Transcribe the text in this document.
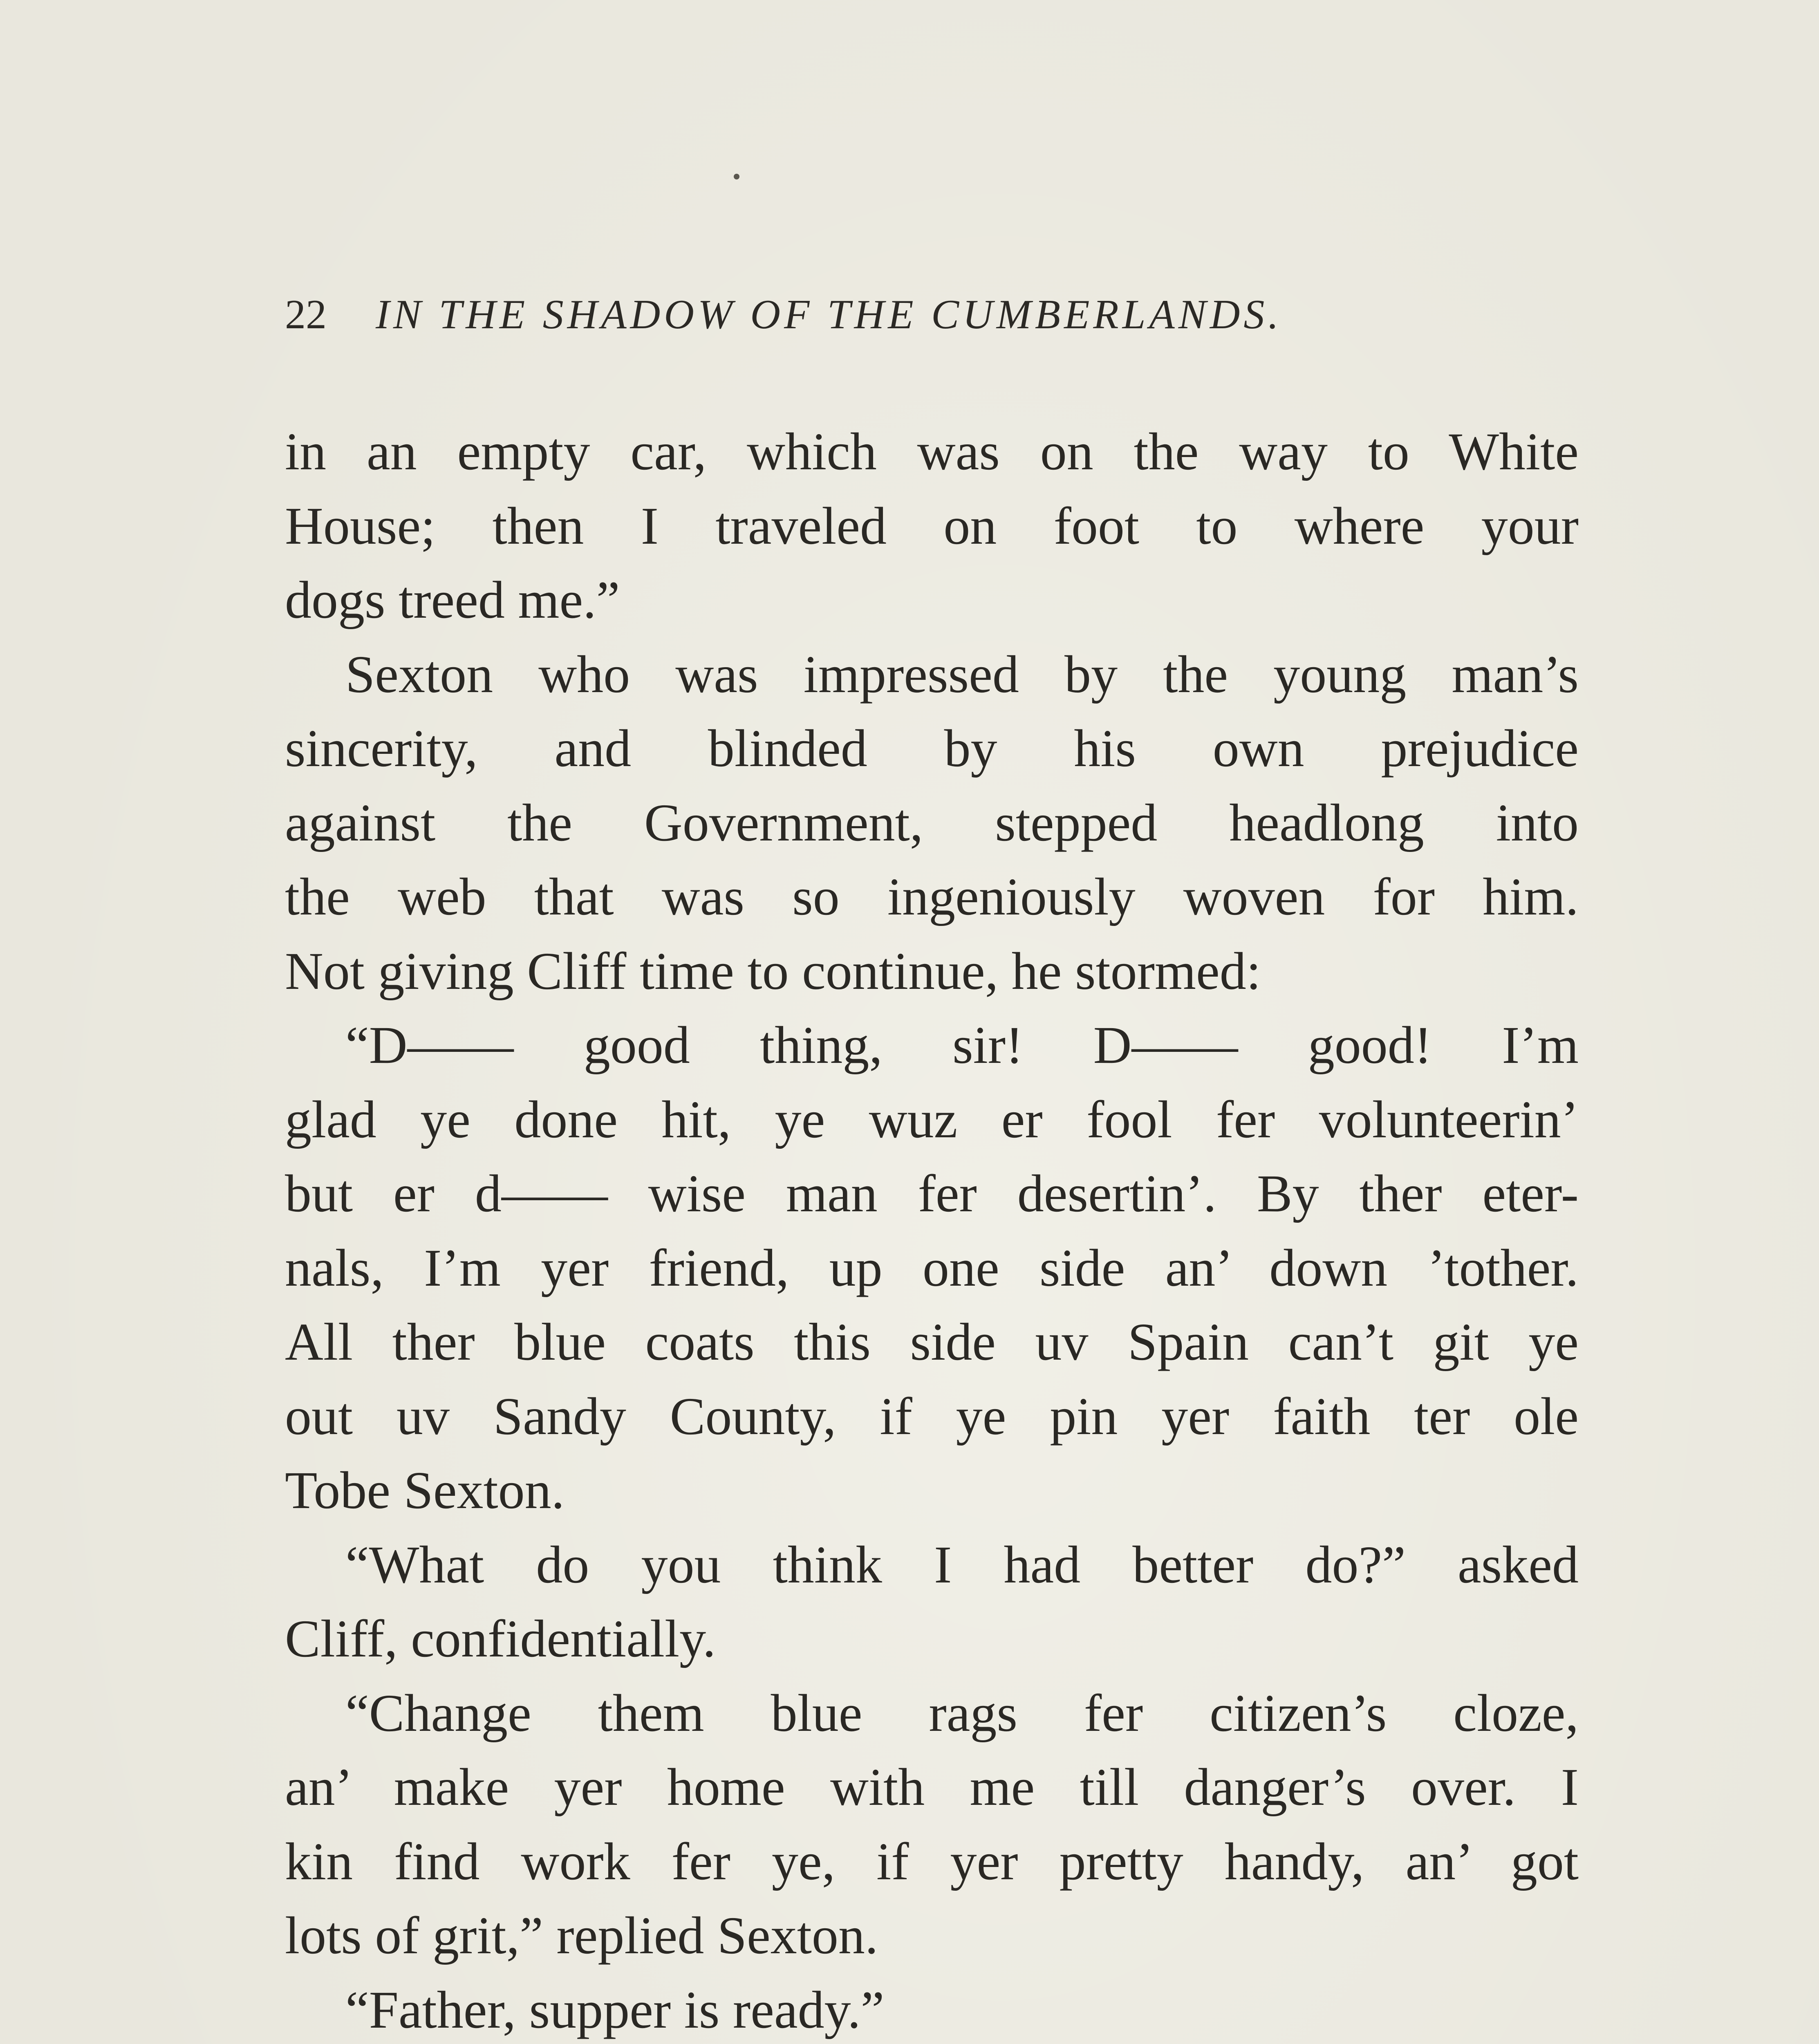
22 IN THE SHADOW OF THE CUMBERLANDS.
in an empty car, which was on the way to White
House; then I traveled on foot to where your
dogs treed me.”
Sexton who was impressed by the young man’s
sincerity, and blinded by his own prejudice
against the Government, stepped headlong into
the web that was so ingeniously woven for him.
Not giving Cliff time to continue, he stormed:
“D—— good thing, sir! D—— good! I’m
glad ye done hit, ye wuz er fool fer volunteerin’
but er d—— wise man fer desertin’. By ther eter-
nals, I’m yer friend, up one side an’ down ’tother.
All ther blue coats this side uv Spain can’t git ye
out uv Sandy County, if ye pin yer faith ter ole
Tobe Sexton.
“What do you think I had better do?” asked
Cliff, confidentially.
“Change them blue rags fer citizen’s cloze,
an’ make yer home with me till danger’s over. I
kin find work fer ye, if yer pretty handy, an’ got
lots of grit,” replied Sexton.
“Father, supper is ready.”
